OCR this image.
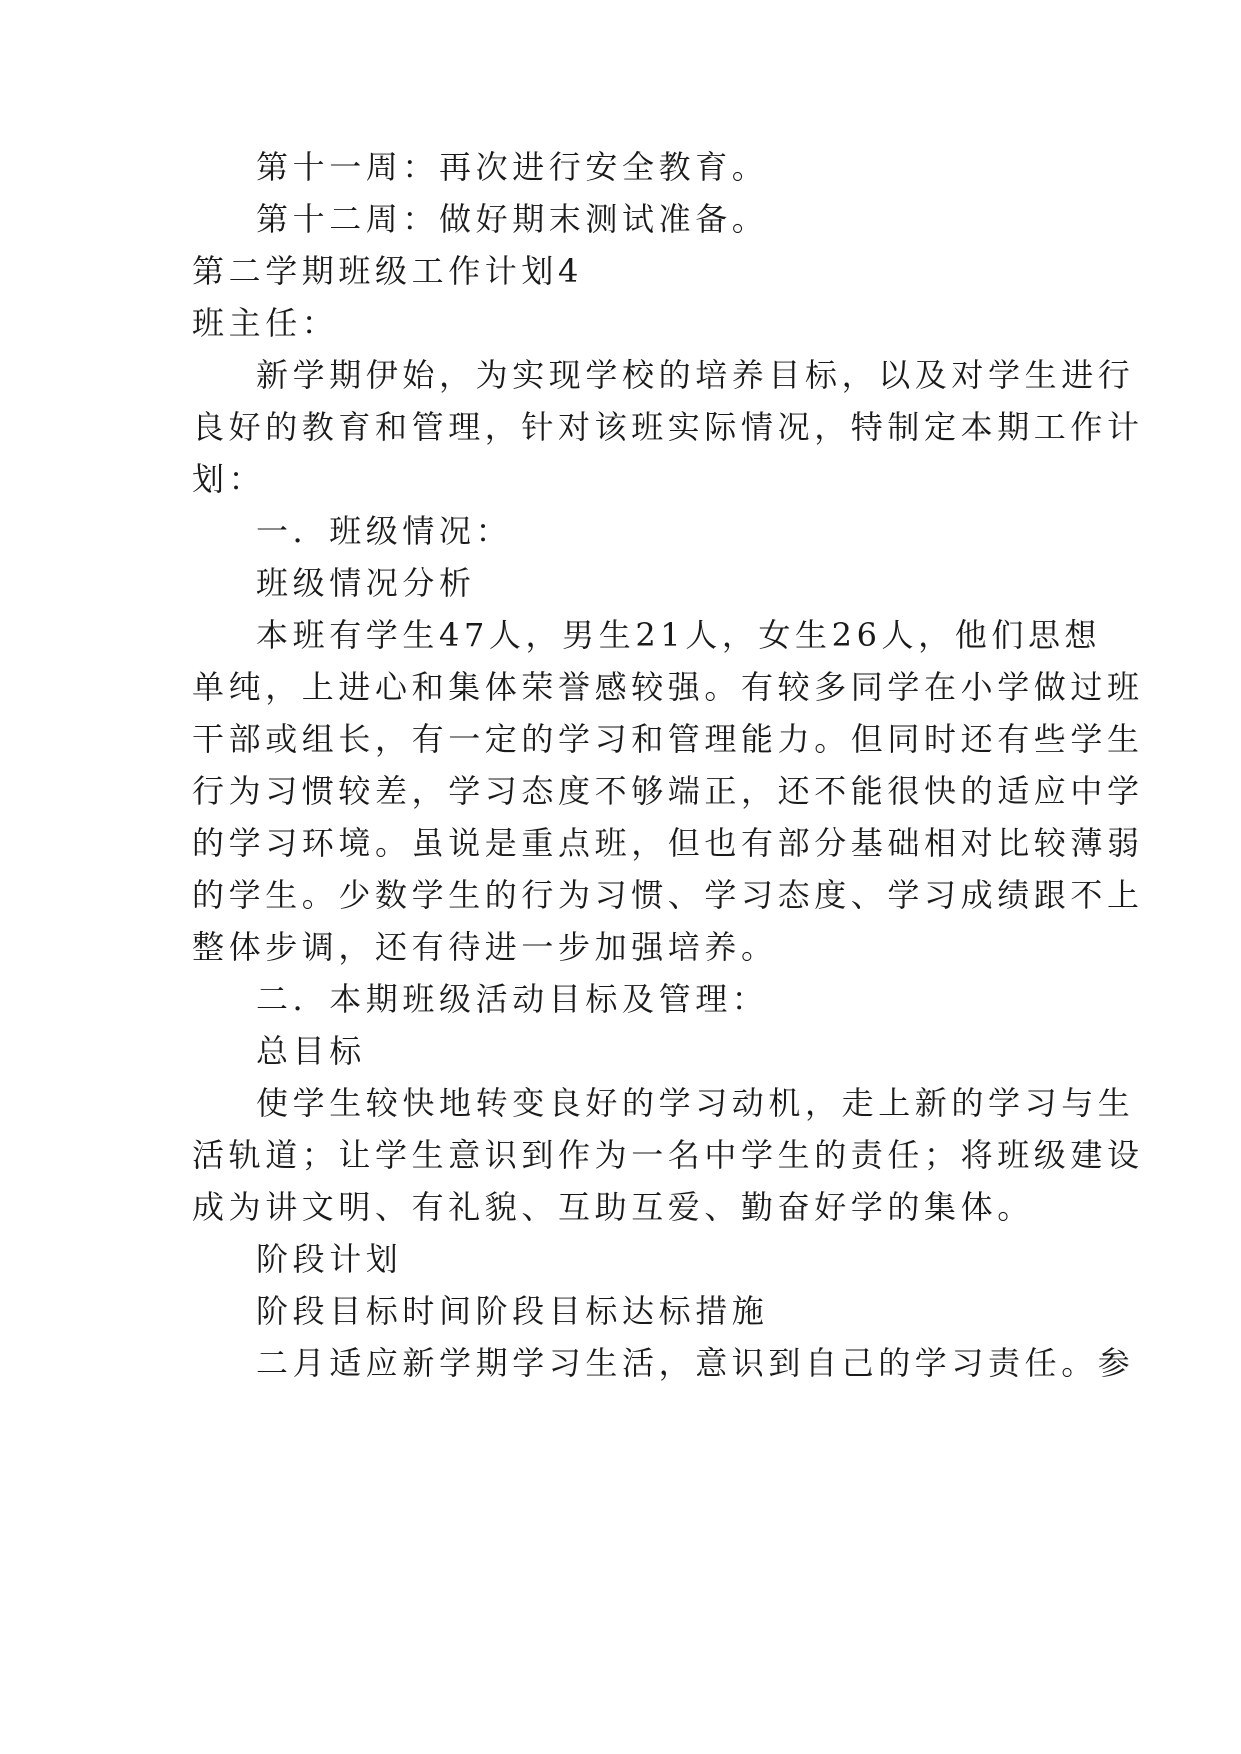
第十一周：再次进行安全教育。

第十二周：做好期末测试准备。

第二学期班级工作计划4

班主任：

新学期伊始，为实现学校的培养目标，以及对学生进行

良好的教育和管理，针对该班实际情况，特制定本期工作计

划：

一．班级情况：

班级情况分析

本班有学生47人，男生21人，女生26人，他们思想

单纯，上进心和集体荣誉感较强。有较多同学在小学做过班

干部或组长，有一定的学习和管理能力。但同时还有些学生

行为习惯较差，学习态度不够端正，还不能很快的适应中学

的学习环境。虽说是重点班，但也有部分基础相对比较薄弱

的学生。少数学生的行为习惯、学习态度、学习成绩跟不上

整体步调，还有待进一步加强培养。

二．本期班级活动目标及管理：

总目标

使学生较快地转变良好的学习动机，走上新的学习与生

活轨道；让学生意识到作为一名中学生的责任；将班级建设

成为讲文明、有礼貌、互助互爱、勤奋好学的集体。

阶段计划

阶段目标时间阶段目标达标措施

二月适应新学期学习生活，意识到自己的学习责任。参
